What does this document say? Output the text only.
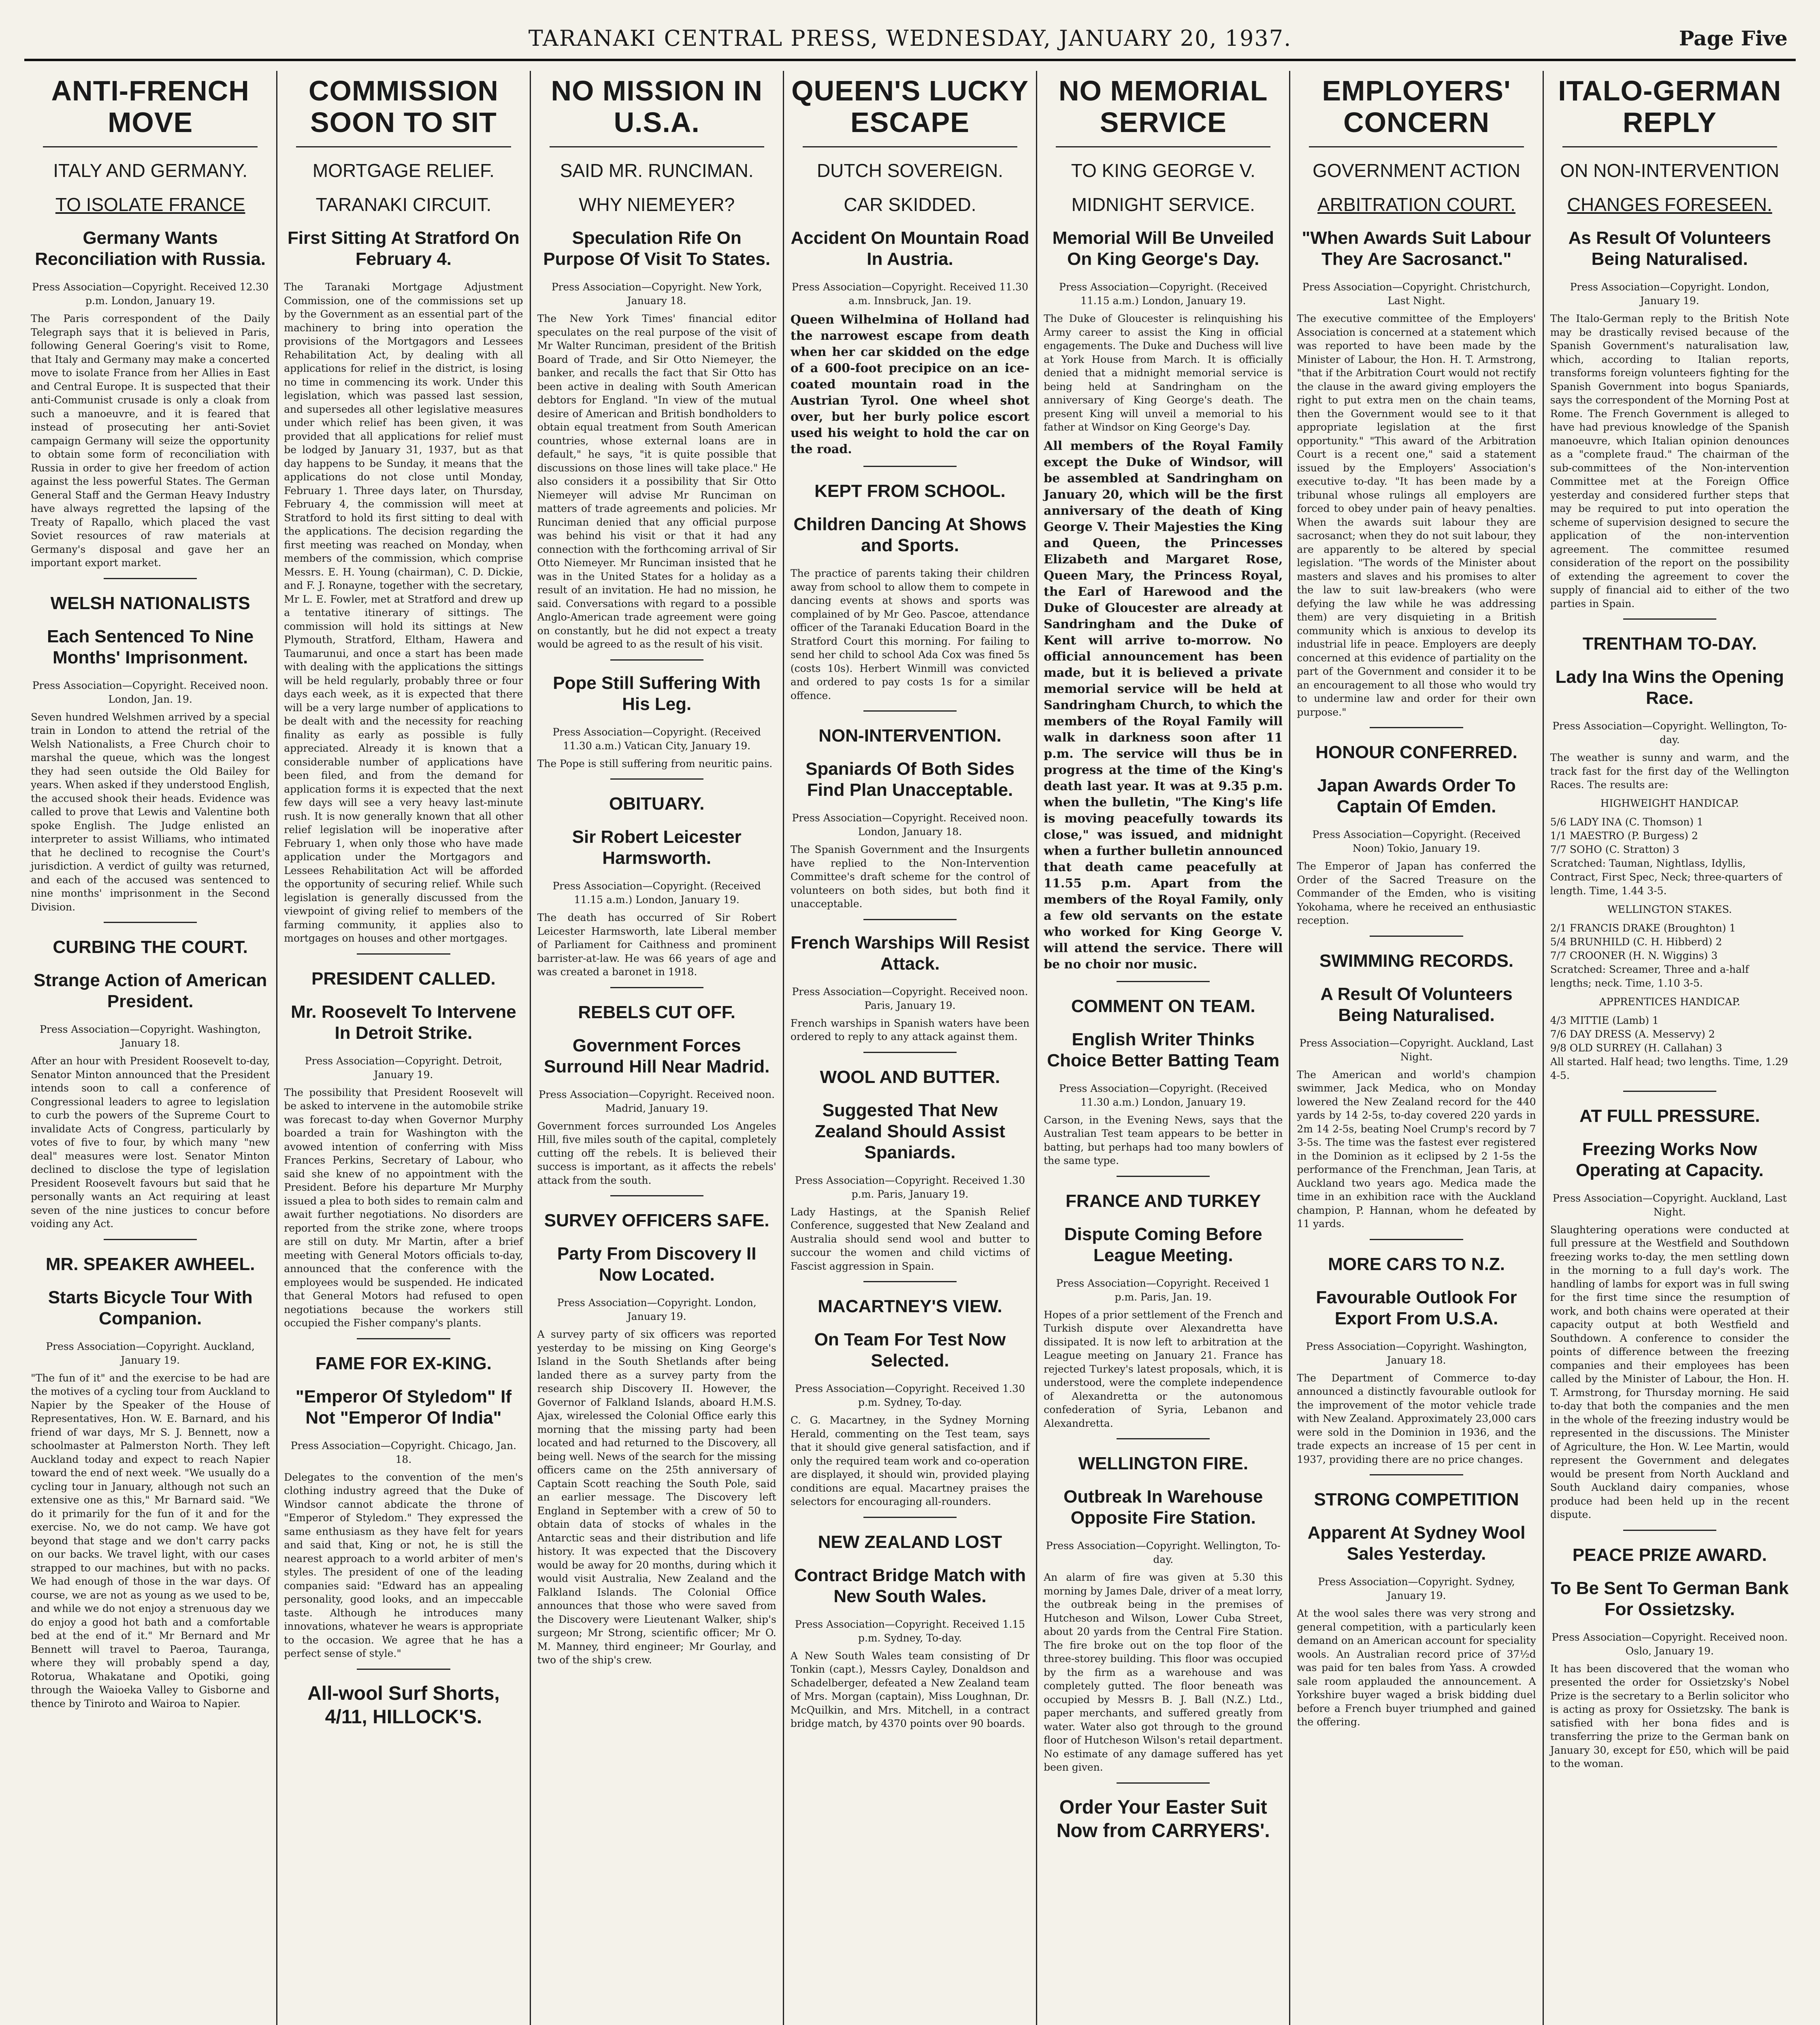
TARANAKI CENTRAL PRESS, WEDNESDAY, JANUARY 20, 1937.	Page Five
ANTI-FRENCH MOVE
ITALY AND GERMANY.
TO ISOLATE FRANCE
Germany Wants Reconciliation with Russia.
Press Association—Copyright. Received 12.30 p.m. London, January 19.
The Paris correspondent of the Daily Telegraph says that it is believed in Paris, following General Goering's visit to Rome, that Italy and Germany may make a concerted move to isolate France from her Allies in East and Central Europe. It is suspected that their anti-Communist crusade is only a cloak from such a manoeuvre, and it is feared that instead of prosecuting her anti-Soviet campaign Germany will seize the opportunity to obtain some form of reconciliation with Russia in order to give her freedom of action against the less powerful States. The German General Staff and the German Heavy Industry have always regretted the lapsing of the Treaty of Rapallo, which placed the vast Soviet resources of raw materials at Germany's disposal and gave her an important export market.
WELSH NATIONALISTS
Each Sentenced To Nine Months' Imprisonment.
Press Association—Copyright. Received noon. London, Jan. 19.
Seven hundred Welshmen arrived by a special train in London to attend the retrial of the Welsh Nationalists, a Free Church choir to marshal the queue, which was the longest they had seen outside the Old Bailey for years. When asked if they understood English, the accused shook their heads. Evidence was called to prove that Lewis and Valentine both spoke English. The Judge enlisted an interpreter to assist Williams, who intimated that he declined to recognise the Court's jurisdiction. A verdict of guilty was returned, and each of the accused was sentenced to nine months' imprisonment in the Second Division.
CURBING THE COURT.
Strange Action of American President.
Press Association—Copyright. Washington, January 18.
After an hour with President Roosevelt to-day, Senator Minton announced that the President intends soon to call a conference of Congressional leaders to agree to legislation to curb the powers of the Supreme Court to invalidate Acts of Congress, particularly by votes of five to four, by which many "new deal" measures were lost. Senator Minton declined to disclose the type of legislation President Roosevelt favours but said that he personally wants an Act requiring at least seven of the nine justices to concur before voiding any Act.
MR. SPEAKER AWHEEL.
Starts Bicycle Tour With Companion.
Press Association—Copyright. Auckland, January 19.
"The fun of it" and the exercise to be had are the motives of a cycling tour from Auckland to Napier by the Speaker of the House of Representatives, Hon. W. E. Barnard, and his friend of war days, Mr S. J. Bennett, now a schoolmaster at Palmerston North. They left Auckland today and expect to reach Napier toward the end of next week. "We usually do a cycling tour in January, although not such an extensive one as this," Mr Barnard said. "We do it primarily for the fun of it and for the exercise. No, we do not camp. We have got beyond that stage and we don't carry packs on our backs. We travel light, with our cases strapped to our machines, but with no packs. We had enough of those in the war days. Of course, we are not as young as we used to be, and while we do not enjoy a strenuous day we do enjoy a good hot bath and a comfortable bed at the end of it." Mr Bernard and Mr Bennett will travel to Paeroa, Tauranga, where they will probably spend a day, Rotorua, Whakatane and Opotiki, going through the Waioeka Valley to Gisborne and thence by Tiniroto and Wairoa to Napier.
COMMISSION SOON TO SIT
MORTGAGE RELIEF.
TARANAKI CIRCUIT.
First Sitting At Stratford On February 4.
The Taranaki Mortgage Adjustment Commission, one of the commissions set up by the Government as an essential part of the machinery to bring into operation the provisions of the Mortgagors and Lessees Rehabilitation Act, by dealing with all applications for relief in the district, is losing no time in commencing its work. Under this legislation, which was passed last session, and supersedes all other legislative measures under which relief has been given, it was provided that all applications for relief must be lodged by January 31, 1937, but as that day happens to be Sunday, it means that the applications do not close until Monday, February 1. Three days later, on Thursday, February 4, the commission will meet at Stratford to hold its first sitting to deal with the applications. The decision regarding the first meeting was reached on Monday, when members of the commission, which comprise Messrs. E. H. Young (chairman), C. D. Dickie, and F. J. Ronayne, together with the secretary, Mr L. E. Fowler, met at Stratford and drew up a tentative itinerary of sittings. The commission will hold its sittings at New Plymouth, Stratford, Eltham, Hawera and Taumarunui, and once a start has been made with dealing with the applications the sittings will be held regularly, probably three or four days each week, as it is expected that there will be a very large number of applications to be dealt with and the necessity for reaching finality as early as possible is fully appreciated. Already it is known that a considerable number of applications have been filed, and from the demand for application forms it is expected that the next few days will see a very heavy last-minute rush. It is now generally known that all other relief legislation will be inoperative after February 1, when only those who have made application under the Mortgagors and Lessees Rehabilitation Act will be afforded the opportunity of securing relief. While such legislation is generally discussed from the viewpoint of giving relief to members of the farming community, it applies also to mortgages on houses and other mortgages.
PRESIDENT CALLED.
Mr. Roosevelt To Intervene In Detroit Strike.
Press Association—Copyright. Detroit, January 19.
The possibility that President Roosevelt will be asked to intervene in the automobile strike was forecast to-day when Governor Murphy boarded a train for Washington with the avowed intention of conferring with Miss Frances Perkins, Secretary of Labour, who said she knew of no appointment with the President. Before his departure Mr Murphy issued a plea to both sides to remain calm and await further negotiations. No disorders are reported from the strike zone, where troops are still on duty. Mr Martin, after a brief meeting with General Motors officials to-day, announced that the conference with the employees would be suspended. He indicated that General Motors had refused to open negotiations because the workers still occupied the Fisher company's plants.
FAME FOR EX-KING.
"Emperor Of Styledom" If Not "Emperor Of India"
Press Association—Copyright. Chicago, Jan. 18.
Delegates to the convention of the men's clothing industry agreed that the Duke of Windsor cannot abdicate the throne of "Emperor of Styledom." They expressed the same enthusiasm as they have felt for years and said that, King or not, he is still the nearest approach to a world arbiter of men's styles. The president of one of the leading companies said: "Edward has an appealing personality, good looks, and an impeccable taste. Although he introduces many innovations, whatever he wears is appropriate to the occasion. We agree that he has a perfect sense of style."
All-wool Surf Shorts, 4/11, HILLOCK'S.
NO MISSION IN U.S.A.
SAID MR. RUNCIMAN.
WHY NIEMEYER?
Speculation Rife On Purpose Of Visit To States.
Press Association—Copyright. New York, January 18.
The New York Times' financial editor speculates on the real purpose of the visit of Mr Walter Runciman, president of the British Board of Trade, and Sir Otto Niemeyer, the banker, and recalls the fact that Sir Otto has been active in dealing with South American debtors for England. "In view of the mutual desire of American and British bondholders to obtain equal treatment from South American countries, whose external loans are in default," he says, "it is quite possible that discussions on those lines will take place." He also considers it a possibility that Sir Otto Niemeyer will advise Mr Runciman on matters of trade agreements and policies. Mr Runciman denied that any official purpose was behind his visit or that it had any connection with the forthcoming arrival of Sir Otto Niemeyer. Mr Runciman insisted that he was in the United States for a holiday as a result of an invitation. He had no mission, he said. Conversations with regard to a possible Anglo-American trade agreement were going on constantly, but he did not expect a treaty would be agreed to as the result of his visit.
Pope Still Suffering With His Leg.
Press Association—Copyright. (Received 11.30 a.m.) Vatican City, January 19.
The Pope is still suffering from neuritic pains.
OBITUARY.
Sir Robert Leicester Harmsworth.
Press Association—Copyright. (Received 11.15 a.m.) London, January 19.
The death has occurred of Sir Robert Leicester Harmsworth, late Liberal member of Parliament for Caithness and prominent barrister-at-law. He was 66 years of age and was created a baronet in 1918.
REBELS CUT OFF.
Government Forces Surround Hill Near Madrid.
Press Association—Copyright. Received noon. Madrid, January 19.
Government forces surrounded Los Angeles Hill, five miles south of the capital, completely cutting off the rebels. It is believed their success is important, as it affects the rebels' attack from the south.
SURVEY OFFICERS SAFE.
Party From Discovery II Now Located.
Press Association—Copyright. London, January 19.
A survey party of six officers was reported yesterday to be missing on King George's Island in the South Shetlands after being landed there as a survey party from the research ship Discovery II. However, the Governor of Falkland Islands, aboard H.M.S. Ajax, wirelessed the Colonial Office early this morning that the missing party had been located and had returned to the Discovery, all being well. News of the search for the missing officers came on the 25th anniversary of Captain Scott reaching the South Pole, said an earlier message. The Discovery left England in September with a crew of 50 to obtain data of stocks of whales in the Antarctic seas and their distribution and life history. It was expected that the Discovery would be away for 20 months, during which it would visit Australia, New Zealand and the Falkland Islands. The Colonial Office announces that those who were saved from the Discovery were Lieutenant Walker, ship's surgeon; Mr Strong, scientific officer; Mr O. M. Manney, third engineer; Mr Gourlay, and two of the ship's crew.
QUEEN'S LUCKY ESCAPE
DUTCH SOVEREIGN.
CAR SKIDDED.
Accident On Mountain Road In Austria.
Press Association—Copyright. Received 11.30 a.m. Innsbruck, Jan. 19.
Queen Wilhelmina of Holland had the narrowest escape from death when her car skidded on the edge of a 600-foot precipice on an ice-coated mountain road in the Austrian Tyrol. One wheel shot over, but her burly police escort used his weight to hold the car on the road.
KEPT FROM SCHOOL.
Children Dancing At Shows and Sports.
The practice of parents taking their children away from school to allow them to compete in dancing events at shows and sports was complained of by Mr Geo. Pascoe, attendance officer of the Taranaki Education Board in the Stratford Court this morning. For failing to send her child to school Ada Cox was fined 5s (costs 10s). Herbert Winmill was convicted and ordered to pay costs 1s for a similar offence.
NON-INTERVENTION.
Spaniards Of Both Sides Find Plan Unacceptable.
Press Association—Copyright. Received noon. London, January 18.
The Spanish Government and the Insurgents have replied to the Non-Intervention Committee's draft scheme for the control of volunteers on both sides, but both find it unacceptable.
French Warships Will Resist Attack.
Press Association—Copyright. Received noon. Paris, January 19.
French warships in Spanish waters have been ordered to reply to any attack against them.
WOOL AND BUTTER.
Suggested That New Zealand Should Assist Spaniards.
Press Association—Copyright. Received 1.30 p.m. Paris, January 19.
Lady Hastings, at the Spanish Relief Conference, suggested that New Zealand and Australia should send wool and butter to succour the women and child victims of Fascist aggression in Spain.
MACARTNEY'S VIEW.
On Team For Test Now Selected.
Press Association—Copyright. Received 1.30 p.m. Sydney, To-day.
C. G. Macartney, in the Sydney Morning Herald, commenting on the Test team, says that it should give general satisfaction, and if only the required team work and co-operation are displayed, it should win, provided playing conditions are equal. Macartney praises the selectors for encouraging all-rounders.
NEW ZEALAND LOST
Contract Bridge Match with New South Wales.
Press Association—Copyright. Received 1.15 p.m. Sydney, To-day.
A New South Wales team consisting of Dr Tonkin (capt.), Messrs Cayley, Donaldson and Schadelberger, defeated a New Zealand team of Mrs. Morgan (captain), Miss Loughnan, Dr. McQuilkin, and Mrs. Mitchell, in a contract bridge match, by 4370 points over 90 boards.
NO MEMORIAL SERVICE
TO KING GEORGE V.
MIDNIGHT SERVICE.
Memorial Will Be Unveiled On King George's Day.
Press Association—Copyright. (Received 11.15 a.m.) London, January 19.
The Duke of Gloucester is relinquishing his Army career to assist the King in official engagements. The Duke and Duchess will live at York House from March. It is officially denied that a midnight memorial service is being held at Sandringham on the anniversary of King George's death. The present King will unveil a memorial to his father at Windsor on King George's Day.
All members of the Royal Family except the Duke of Windsor, will be assembled at Sandringham on January 20, which will be the first anniversary of the death of King George V. Their Majesties the King and Queen, the Princesses Elizabeth and Margaret Rose, Queen Mary, the Princess Royal, the Earl of Harewood and the Duke of Gloucester are already at Sandringham and the Duke of Kent will arrive to-morrow. No official announcement has been made, but it is believed a private memorial service will be held at Sandringham Church, to which the members of the Royal Family will walk in darkness soon after 11 p.m. The service will thus be in progress at the time of the King's death last year. It was at 9.35 p.m. when the bulletin, "The King's life is moving peacefully towards its close," was issued, and midnight when a further bulletin announced that death came peacefully at 11.55 p.m. Apart from the members of the Royal Family, only a few old servants on the estate who worked for King George V. will attend the service. There will be no choir nor music.
COMMENT ON TEAM.
English Writer Thinks Choice Better Batting Team
Press Association—Copyright. (Received 11.30 a.m.) London, January 19.
Carson, in the Evening News, says that the Australian Test team appears to be better in batting, but perhaps had too many bowlers of the same type.
FRANCE AND TURKEY
Dispute Coming Before League Meeting.
Press Association—Copyright. Received 1 p.m. Paris, Jan. 19.
Hopes of a prior settlement of the French and Turkish dispute over Alexandretta have dissipated. It is now left to arbitration at the League meeting on January 21. France has rejected Turkey's latest proposals, which, it is understood, were the complete independence of Alexandretta or the autonomous confederation of Syria, Lebanon and Alexandretta.
WELLINGTON FIRE.
Outbreak In Warehouse Opposite Fire Station.
Press Association—Copyright. Wellington, To-day.
An alarm of fire was given at 5.30 this morning by James Dale, driver of a meat lorry, the outbreak being in the premises of Hutcheson and Wilson, Lower Cuba Street, about 20 yards from the Central Fire Station. The fire broke out on the top floor of the three-storey building. This floor was occupied by the firm as a warehouse and was completely gutted. The floor beneath was occupied by Messrs B. J. Ball (N.Z.) Ltd., paper merchants, and suffered greatly from water. Water also got through to the ground floor of Hutcheson Wilson's retail department. No estimate of any damage suffered has yet been given.
Order Your Easter Suit Now from CARRYERS'.
EMPLOYERS' CONCERN
GOVERNMENT ACTION
ARBITRATION COURT.
"When Awards Suit Labour They Are Sacrosanct."
Press Association—Copyright. Christchurch, Last Night.
The executive committee of the Employers' Association is concerned at a statement which was reported to have been made by the Minister of Labour, the Hon. H. T. Armstrong, "that if the Arbitration Court would not rectify the clause in the award giving employers the right to put extra men on the chain teams, then the Government would see to it that appropriate legislation at the first opportunity." "This award of the Arbitration Court is a recent one," said a statement issued by the Employers' Association's executive to-day. "It has been made by a tribunal whose rulings all employers are forced to obey under pain of heavy penalties. When the awards suit labour they are sacrosanct; when they do not suit labour, they are apparently to be altered by special legislation. "The words of the Minister about masters and slaves and his promises to alter the law to suit law-breakers (who were defying the law while he was addressing them) are very disquieting in a British community which is anxious to develop its industrial life in peace. Employers are deeply concerned at this evidence of partiality on the part of the Government and consider it to be an encouragement to all those who would try to undermine law and order for their own purpose."
HONOUR CONFERRED.
Japan Awards Order To Captain Of Emden.
Press Association—Copyright. (Received Noon) Tokio, January 19.
The Emperor of Japan has conferred the Order of the Sacred Treasure on the Commander of the Emden, who is visiting Yokohama, where he received an enthusiastic reception.
SWIMMING RECORDS.
A Result Of Volunteers Being Naturalised.
Press Association—Copyright. Auckland, Last Night.
The American and world's champion swimmer, Jack Medica, who on Monday lowered the New Zealand record for the 440 yards by 14 2-5s, to-day covered 220 yards in 2m 14 2-5s, beating Noel Crump's record by 7 3-5s. The time was the fastest ever registered in the Dominion as it eclipsed by 2 1-5s the performance of the Frenchman, Jean Taris, at Auckland two years ago. Medica made the time in an exhibition race with the Auckland champion, P. Hannan, whom he defeated by 11 yards.
MORE CARS TO N.Z.
Favourable Outlook For Export From U.S.A.
Press Association—Copyright. Washington, January 18.
The Department of Commerce to-day announced a distinctly favourable outlook for the improvement of the motor vehicle trade with New Zealand. Approximately 23,000 cars were sold in the Dominion in 1936, and the trade expects an increase of 15 per cent in 1937, providing there are no price changes.
STRONG COMPETITION
Apparent At Sydney Wool Sales Yesterday.
Press Association—Copyright. Sydney, January 19.
At the wool sales there was very strong and general competition, with a particularly keen demand on an American account for speciality wools. An Australian record price of 37½d was paid for ten bales from Yass. A crowded sale room applauded the announcement. A Yorkshire buyer waged a brisk bidding duel before a French buyer triumphed and gained the offering.
ITALO-GERMAN REPLY
ON NON-INTERVENTION
CHANGES FORESEEN.
As Result Of Volunteers Being Naturalised.
Press Association—Copyright. London, January 19.
The Italo-German reply to the British Note may be drastically revised because of the Spanish Government's naturalisation law, which, according to Italian reports, transforms foreign volunteers fighting for the Spanish Government into bogus Spaniards, says the correspondent of the Morning Post at Rome. The French Government is alleged to have had previous knowledge of the Spanish manoeuvre, which Italian opinion denounces as a "complete fraud." The chairman of the sub-committees of the Non-intervention Committee met at the Foreign Office yesterday and considered further steps that may be required to put into operation the scheme of supervision designed to secure the application of the non-intervention agreement. The committee resumed consideration of the report on the possibility of extending the agreement to cover the supply of financial aid to either of the two parties in Spain.
TRENTHAM TO-DAY.
Lady Ina Wins the Opening Race.
Press Association—Copyright. Wellington, To-day.
The weather is sunny and warm, and the track fast for the first day of the Wellington Races. The results are:
HIGHWEIGHT HANDICAP.
5/6 LADY INA (C. Thomson) 1
1/1 MAESTRO (P. Burgess) 2
7/7 SOHO (C. Stratton) 3
Scratched: Tauman, Nightlass, Idyllis, Contract, First Spec, Neck; three-quarters of length. Time, 1.44 3-5.
WELLINGTON STAKES.
2/1 FRANCIS DRAKE (Broughton) 1
5/4 BRUNHILD (C. H. Hibberd) 2
7/7 CROONER (H. N. Wiggins) 3
Scratched: Screamer, Three and a-half lengths; neck. Time, 1.10 3-5.
APPRENTICES HANDICAP.
4/3 MITTIE (Lamb) 1
7/6 DAY DRESS (A. Messervy) 2
9/8 OLD SURREY (H. Callahan) 3
All started. Half head; two lengths. Time, 1.29 4-5.
AT FULL PRESSURE.
Freezing Works Now Operating at Capacity.
Press Association—Copyright. Auckland, Last Night.
Slaughtering operations were conducted at full pressure at the Westfield and Southdown freezing works to-day, the men settling down in the morning to a full day's work. The handling of lambs for export was in full swing for the first time since the resumption of work, and both chains were operated at their capacity output at both Westfield and Southdown. A conference to consider the points of difference between the freezing companies and their employees has been called by the Minister of Labour, the Hon. H. T. Armstrong, for Thursday morning. He said to-day that both the companies and the men in the whole of the freezing industry would be represented in the discussions. The Minister of Agriculture, the Hon. W. Lee Martin, would represent the Government and delegates would be present from North Auckland and South Auckland dairy companies, whose produce had been held up in the recent dispute.
PEACE PRIZE AWARD.
To Be Sent To German Bank For Ossietzsky.
Press Association—Copyright. Received noon. Oslo, January 19.
It has been discovered that the woman who presented the order for Ossietzsky's Nobel Prize is the secretary to a Berlin solicitor who is acting as proxy for Ossietzsky. The bank is satisfied with her bona fides and is transferring the prize to the German bank on January 30, except for £50, which will be paid to the woman.
